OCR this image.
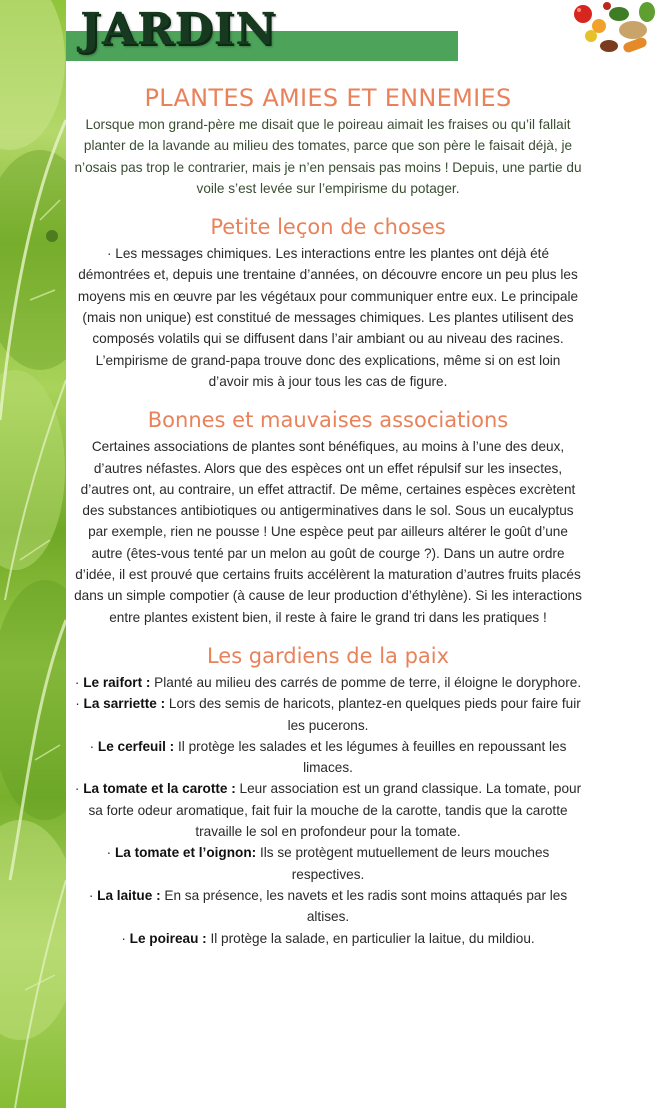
JARDIN
PLANTES AMIES ET ENNEMIES

Lorsque mon grand-père me disait que le poireau aimait les fraises ou qu’il fallait planter de la lavande au milieu des tomates, parce que son père le faisait déjà, je n’osais pas trop le contrarier, mais je n’en pensais pas moins ! Depuis, une partie du voile s’est levée sur l’empirisme du potager.

Petite leçon de choses

· Les messages chimiques. Les interactions entre les plantes ont déjà été démontrées et, depuis une trentaine d’années, on découvre encore un peu plus les moyens mis en œuvre par les végétaux pour communiquer entre eux. Le principale (mais non unique) est constitué de messages chimiques. Les plantes utilisent des composés volatils qui se diffusent dans l’air ambiant ou au niveau des racines. L’empirisme de grand-papa trouve donc des explications, même si on est loin d’avoir mis à jour tous les cas de figure.

Bonnes et mauvaises associations

Certaines associations de plantes sont bénéfiques, au moins à l’une des deux, d’autres néfastes. Alors que des espèces ont un effet répulsif sur les insectes, d’autres ont, au contraire, un effet attractif. De même, certaines espèces excrètent des substances antibiotiques ou antigerminatives dans le sol. Sous un eucalyptus par exemple, rien ne pousse ! Une espèce peut par ailleurs altérer le goût d’une autre (êtes-vous tenté par un melon au goût de courge ?). Dans un autre ordre d’idée, il est prouvé que certains fruits accélèrent la maturation d’autres fruits placés dans un simple compotier (à cause de leur production d’éthylène). Si les interactions entre plantes existent bien, il reste à faire le grand tri dans les pratiques !

Les gardiens de la paix

· Le raifort : Planté au milieu des carrés de pomme de terre, il éloigne le doryphore.

· La sarriette : Lors des semis de haricots, plantez-en quelques pieds pour faire fuir les pucerons.

· Le cerfeuil : Il protège les salades et les légumes à feuilles en repoussant les limaces.

· La tomate et la carotte : Leur association est un grand classique. La tomate, pour sa forte odeur aromatique, fait fuir la mouche de la carotte, tandis que la carotte travaille le sol en profondeur pour la tomate.

· La tomate et l’oignon: Ils se protègent mutuellement de leurs mouches respectives.

· La laitue : En sa présence, les navets et les radis sont moins attaqués par les altises.

· Le poireau : Il protège la salade, en particulier la laitue, du mildiou.
